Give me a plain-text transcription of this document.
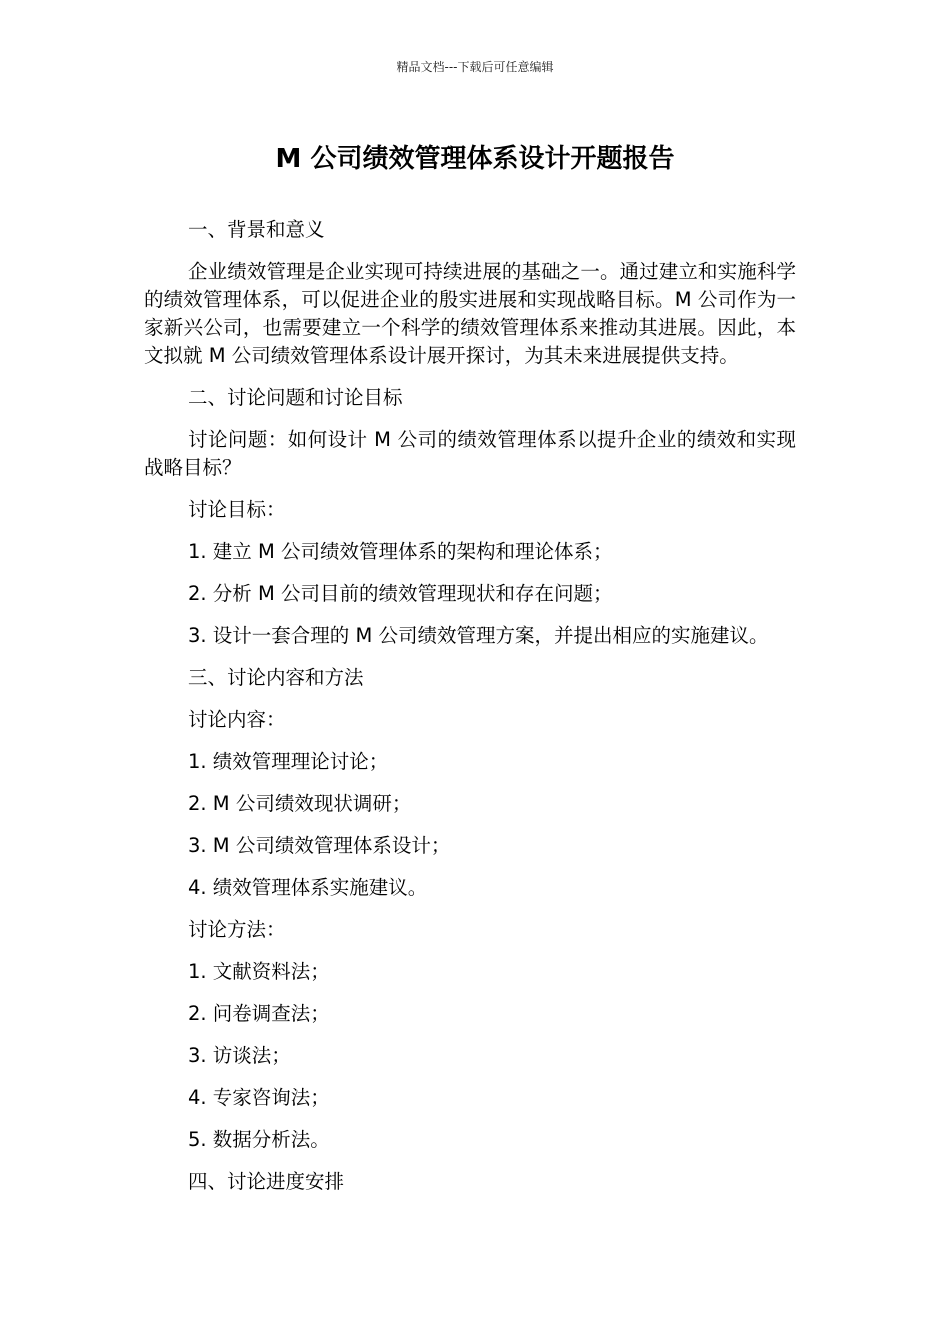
精品文档---下载后可任意编辑
M 公司绩效管理体系设计开题报告
一、背景和意义
企业绩效管理是企业实现可持续进展的基础之一。通过建立和实施科学的绩效管理体系，可以促进企业的殷实进展和实现战略目标。M 公司作为一家新兴公司，也需要建立一个科学的绩效管理体系来推动其进展。因此，本文拟就 M 公司绩效管理体系设计展开探讨，为其未来进展提供支持。
二、讨论问题和讨论目标
讨论问题：如何设计 M 公司的绩效管理体系以提升企业的绩效和实现战略目标？
讨论目标：
1. 建立 M 公司绩效管理体系的架构和理论体系；
2. 分析 M 公司目前的绩效管理现状和存在问题；
3. 设计一套合理的 M 公司绩效管理方案，并提出相应的实施建议。
三、讨论内容和方法
讨论内容：
1. 绩效管理理论讨论；
2. M 公司绩效现状调研；
3. M 公司绩效管理体系设计；
4. 绩效管理体系实施建议。
讨论方法：
1. 文献资料法；
2. 问卷调查法；
3. 访谈法；
4. 专家咨询法；
5. 数据分析法。
四、讨论进度安排
